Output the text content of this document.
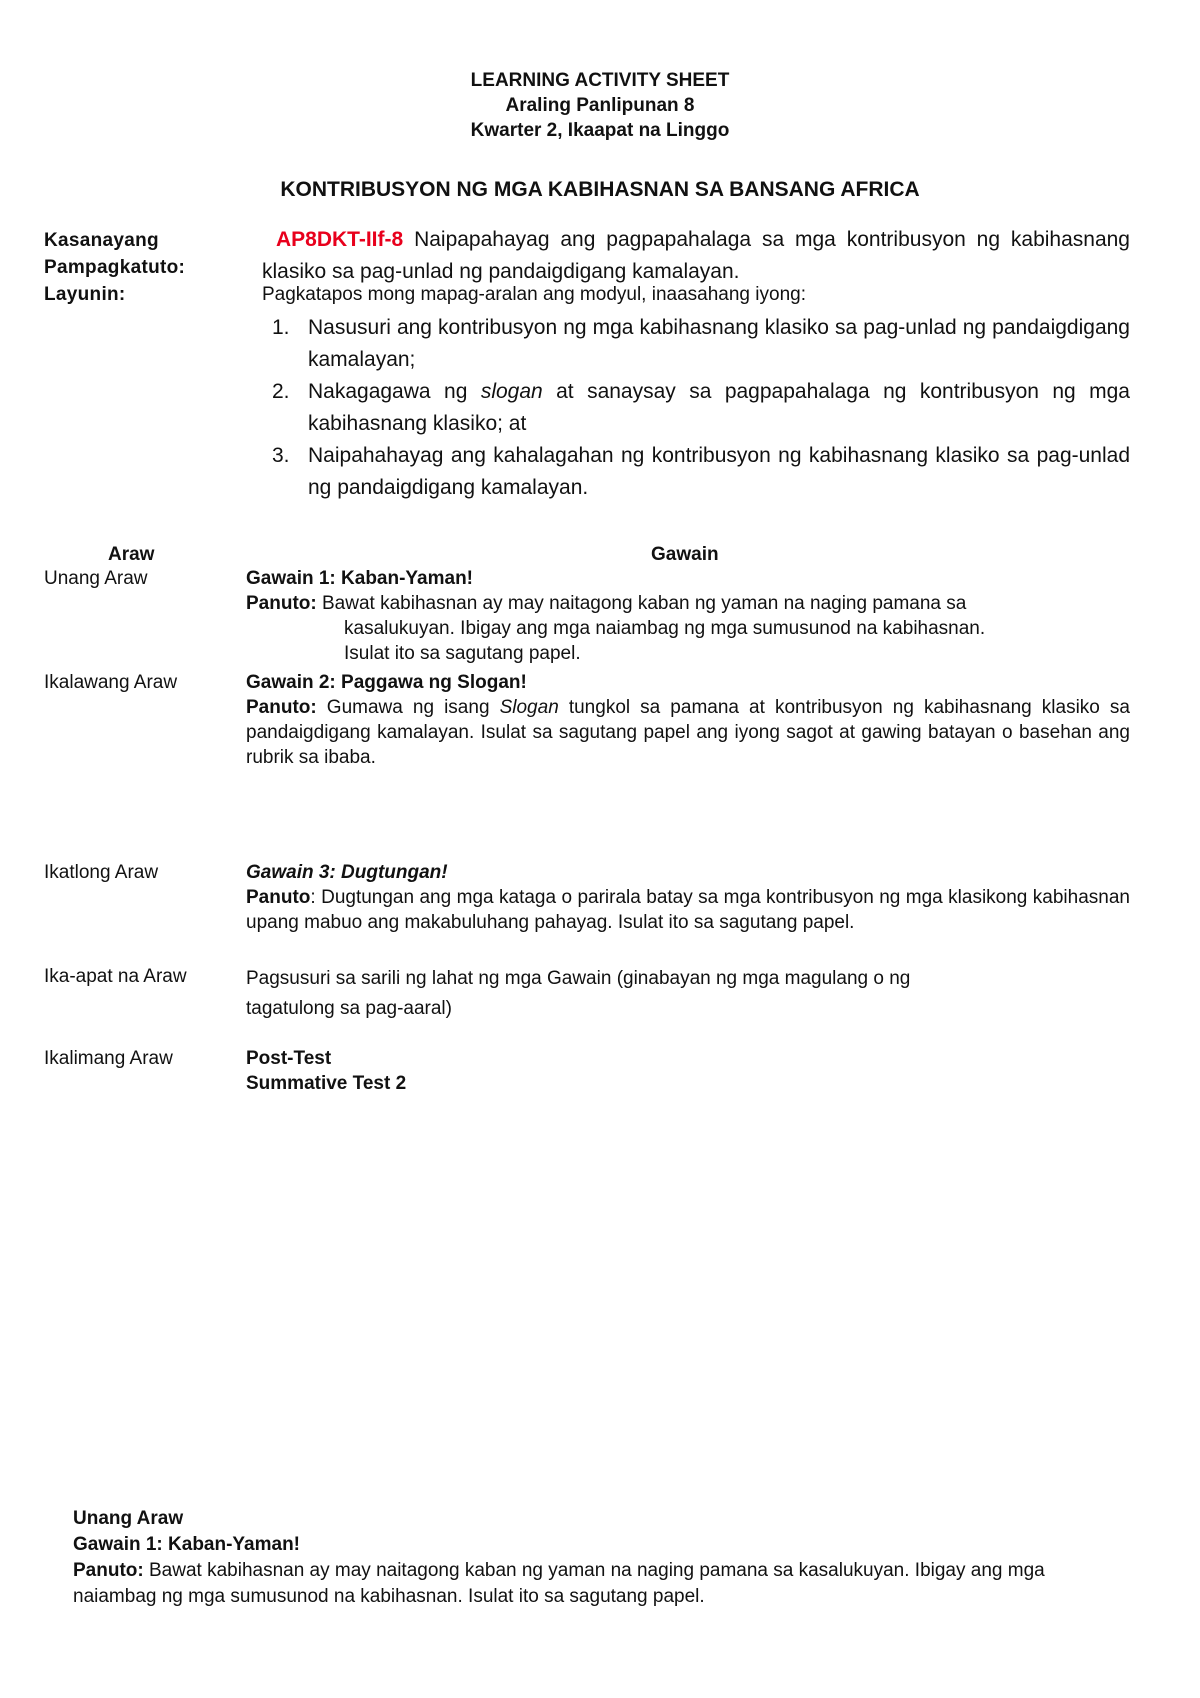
LEARNING ACTIVITY SHEET
Araling Panlipunan 8
Kwarter 2, Ikaapat na Linggo
KONTRIBUSYON NG MGA KABIHASNAN SA BANSANG AFRICA
Kasanayang
Pampagkatuto:
Layunin:
AP8DKT-IIf-8 Naipapahayag ang pagpapahalaga sa mga kontribusyon ng kabihasnang klasiko sa pag-unlad ng pandaigdigang kamalayan.
Pagkatapos mong mapag-aralan ang modyul, inaasahang iyong:
1. Nasusuri ang kontribusyon ng mga kabihasnang klasiko sa pag-unlad ng pandaigdigang kamalayan;
2. Nakagagawa ng slogan at sanaysay sa pagpapahalaga ng kontribusyon ng mga kabihasnang klasiko; at
3. Naipahahayag ang kahalagahan ng kontribusyon ng kabihasnang klasiko sa pag-unlad ng pandaigdigang kamalayan.
Araw	Gawain
Unang Araw	Gawain 1: Kaban-Yaman!
Panuto: Bawat kabihasnan ay may naitagong kaban ng yaman na naging pamana sa
kasalukuyan. Ibigay ang mga naiambag ng mga sumusunod na kabihasnan.
Isulat ito sa sagutang papel.
Ikalawang Araw	Gawain 2: Paggawa ng Slogan!
Panuto: Gumawa ng isang Slogan tungkol sa pamana at kontribusyon ng kabihasnang klasiko sa pandaigdigang kamalayan. Isulat sa sagutang papel ang iyong sagot at gawing batayan o basehan ang rubrik sa ibaba.
Ikatlong Araw	Gawain 3: Dugtungan!
Panuto: Dugtungan ang mga kataga o parirala batay sa mga kontribusyon ng mga klasikong kabihasnan upang mabuo ang makabuluhang pahayag. Isulat ito sa sagutang papel.
Ika-apat na Araw	Pagsusuri sa sarili ng lahat ng mga Gawain (ginabayan ng mga magulang o ng
tagatulong sa pag-aaral)
Ikalimang Araw	Post-Test
Summative Test 2
Unang Araw
Gawain 1: Kaban-Yaman!
Panuto: Bawat kabihasnan ay may naitagong kaban ng yaman na naging pamana sa kasalukuyan. Ibigay ang mga naiambag ng mga sumusunod na kabihasnan. Isulat ito sa sagutang papel.
